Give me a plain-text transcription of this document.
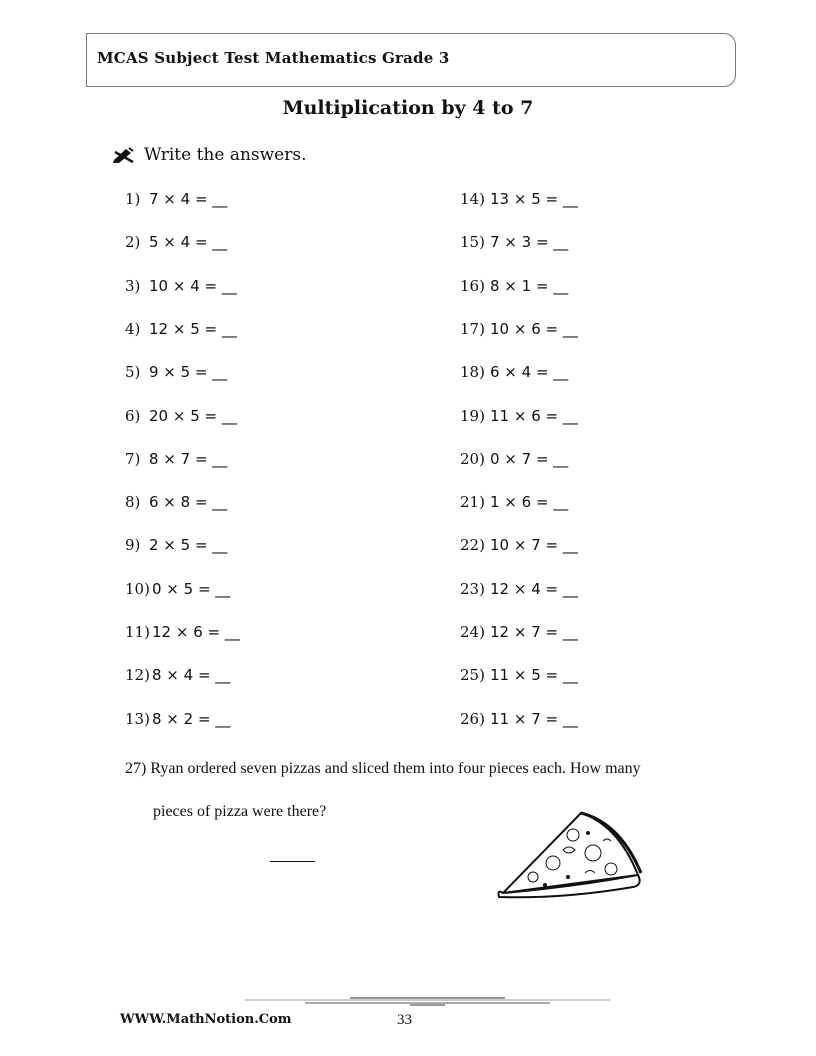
MCAS Subject Test Mathematics Grade 3
Multiplication by 4 to 7
Write the answers.
1) 7 × 4 = __
2) 5 × 4 = __
3) 10 × 4 = __
4) 12 × 5 = __
5) 9 × 5 = __
6) 20 × 5 = __
7) 8 × 7 = __
8) 6 × 8 = __
9) 2 × 5 = __
10) 0 × 5 = __
11) 12 × 6 = __
12) 8 × 4 = __
13) 8 × 2 = __
14) 13 × 5 = __
15) 7 × 3 = __
16) 8 × 1 = __
17) 10 × 6 = __
18) 6 × 4 = __
19) 11 × 6 = __
20) 0 × 7 = __
21) 1 × 6 = __
22) 10 × 7 = __
23) 12 × 4 = __
24) 12 × 7 = __
25) 11 × 5 = __
26) 11 × 7 = __
27) Ryan ordered seven pizzas and sliced them into four pieces each. How many
pieces of pizza were there?
WWW.MathNotion.Com	33
